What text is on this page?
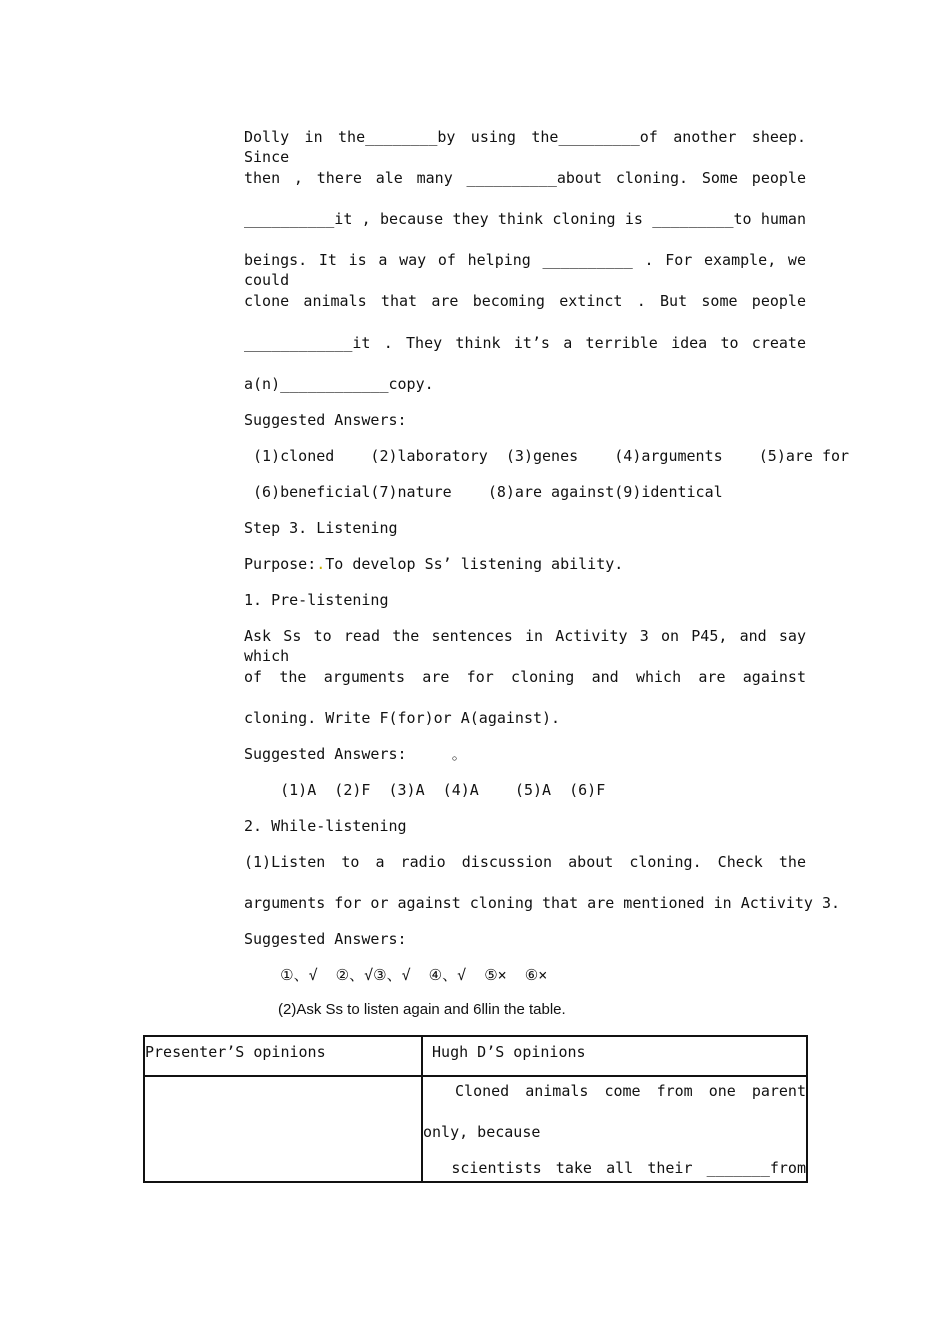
Dolly in the________by using the_________of another sheep. Since
then , there ale many __________about cloning. Some people
__________it , because they think cloning is _________to human
beings. It is a way of helping __________ . For example, we could
clone animals that are becoming extinct . But some people
____________it . They think it’s a terrible idea to create
a(n)____________copy.
Suggested Answers:
(1)cloned    (2)laboratory  (3)genes    (4)arguments    (5)are for
(6)beneficial(7)nature    (8)are against(9)identical
Step 3. Listening
Purpose:.To develop Ss’ listening ability.
1. Pre-listening
Ask Ss to read the sentences in Activity 3 on P45, and say which
of the arguments are for cloning and which are against
cloning. Write F(for)or A(against).
Suggested Answers:     。
(1)A  (2)F  (3)A  (4)A    (5)A  (6)F
2. While-listening
(1)Listen to a radio discussion about cloning. Check the
arguments for or against cloning that are mentioned in Activity 3.
Suggested Answers:
①、√  ②、√③、√  ④、√  ⑤×  ⑥×
(2)Ask Ss to listen again and 6llin the table.
Presenter’S opinions	Hugh D’S opinions

	Cloned animals come from one parent
only, because
scientists take all their _______from
